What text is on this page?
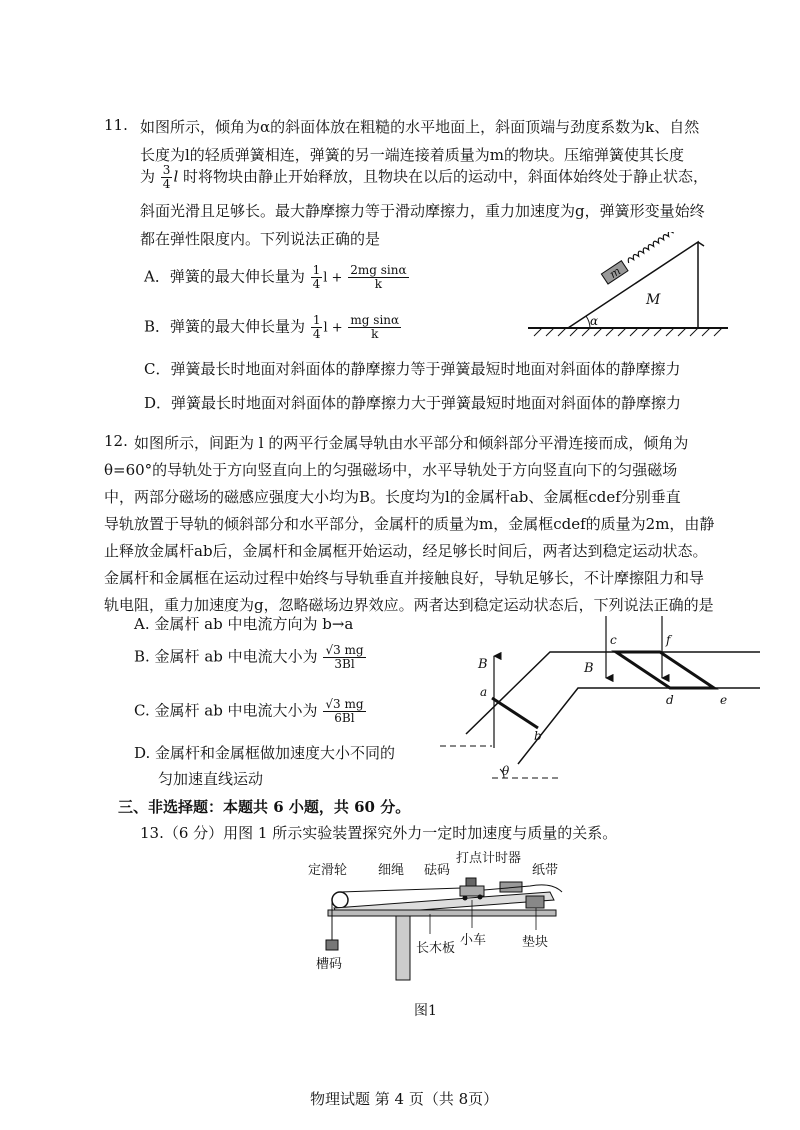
11. 如图所示，倾角为α的斜面体放在粗糙的水平地面上，斜面顶端与劲度系数为k、自然
长度为l的轻质弹簧相连，弹簧的另一端连接着质量为m的物块。压缩弹簧使其长度
为 $\frac{3}{4}$ l 时将物块由静止开始释放，且物块在以后的运动中，斜面体始终处于静止状态，
斜面光滑且足够长。最大静摩擦力等于滑动摩擦力，重力加速度为g，弹簧形变量始终
都在弹性限度内。下列说法正确的是
A．弹簧的最大伸长量为 $\frac{1}{4}$ $l + \frac{\text{2mg sinα}}{k}$
B．弹簧的最大伸长量为 $\frac{1}{4}$ $l + \frac{\text{mg sinα}}{k}$
C．弹簧最长时地面对斜面体的静摩擦力等于弹簧最短时地面对斜面体的静摩擦力
D．弹簧最长时地面对斜面体的静摩擦力大于弹簧最短时地面对斜面体的静摩擦力
α
m
M
12. 如图所示，间距为 l 的两平行金属导轨由水平部分和倾斜部分平滑连接而成，倾角为
θ=60°的导轨处于方向竖直向上的匀强磁场中，水平导轨处于方向竖直向下的匀强磁场
中，两部分磁场的磁感应强度大小均为B。长度均为l的金属杆ab、金属框cdef分别垂直
导轨放置于导轨的倾斜部分和水平部分，金属杆的质量为m，金属框cdef的质量为2m，由静
止释放金属杆ab后，金属杆和金属框开始运动，经足够长时间后，两者达到稳定运动状态。
金属杆和金属框在运动过程中始终与导轨垂直并接触良好，导轨足够长，不计摩擦阻力和导
轨电阻，重力加速度为g，忽略磁场边界效应。两者达到稳定运动状态后，下列说法正确的是
A. 金属杆 ab 中电流方向为 b→a
B. 金属杆 ab 中电流大小为 $\frac{√3 mg}{3Bl}$
C. 金属杆 ab 中电流大小为 $\frac{√3 mg}{6Bl}$
D. 金属杆和金属框做加速度大小不同的
匀加速直线运动	θ
B	B
a
b
c	f
d	e
三、非选择题：本题共 6 小题，共 60 分。
13.（6 分）用图 1 所示实验装置探究外力一定时加速度与质量的关系。
定滑轮 细绳 砝码
打点计时器
纸带
槽码
长木板
小车	垫块
图1
物理试题 第 4 页（共 8页）
